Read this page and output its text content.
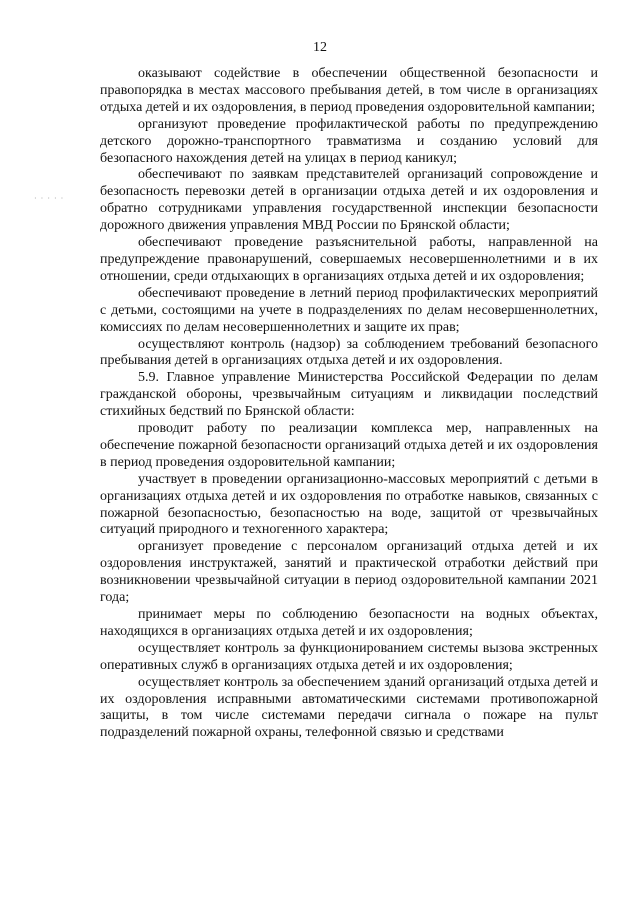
12
· · · · ·

оказывают содействие в обеспечении общественной безопасности и правопорядка в местах массового пребывания детей, в том числе в организациях отдыха детей и их оздоровления, в период проведения оздоровительной кампании;

организуют проведение профилактической работы по предупреждению детского дорожно-транспортного травматизма и созданию условий для безопасного нахождения детей на улицах в период каникул;

обеспечивают по заявкам представителей организаций сопровождение и безопасность перевозки детей в организации отдыха детей и их оздоровления и обратно сотрудниками управления государственной инспекции безопасности дорожного движения управления МВД России по Брянской области;

обеспечивают проведение разъяснительной работы, направленной на предупреждение правонарушений, совершаемых несовершеннолетними и в их отношении, среди отдыхающих в организациях отдыха детей и их оздоровления;

обеспечивают проведение в летний период профилактических мероприятий с детьми, состоящими на учете в подразделениях по делам несовершеннолетних, комиссиях по делам несовершеннолетних и защите их прав;

осуществляют контроль (надзор) за соблюдением требований безопасного пребывания детей в организациях отдыха детей и их оздоровления.

5.9. Главное управление Министерства Российской Федерации по делам гражданской обороны, чрезвычайным ситуациям и ликвидации последствий стихийных бедствий по Брянской области:

проводит работу по реализации комплекса мер, направленных на обеспечение пожарной безопасности организаций отдыха детей и их оздоровления в период проведения оздоровительной кампании;

участвует в проведении организационно-массовых мероприятий с детьми в организациях отдыха детей и их оздоровления по отработке навыков, связанных с пожарной безопасностью, безопасностью на воде, защитой от чрезвычайных ситуаций природного и техногенного характера;

организует проведение с персоналом организаций отдыха детей и их оздоровления инструктажей, занятий и практической отработки действий при возникновении чрезвычайной ситуации в период оздоровительной кампании 2021 года;

принимает меры по соблюдению безопасности на водных объектах, находящихся в организациях отдыха детей и их оздоровления;

осуществляет контроль за функционированием системы вызова экстренных оперативных служб в организациях отдыха детей и их оздоровления;

осуществляет контроль за обеспечением зданий организаций отдыха детей и их оздоровления исправными автоматическими системами противопожарной защиты, в том числе системами передачи сигнала о пожаре на пульт подразделений пожарной охраны, телефонной связью и средствами
